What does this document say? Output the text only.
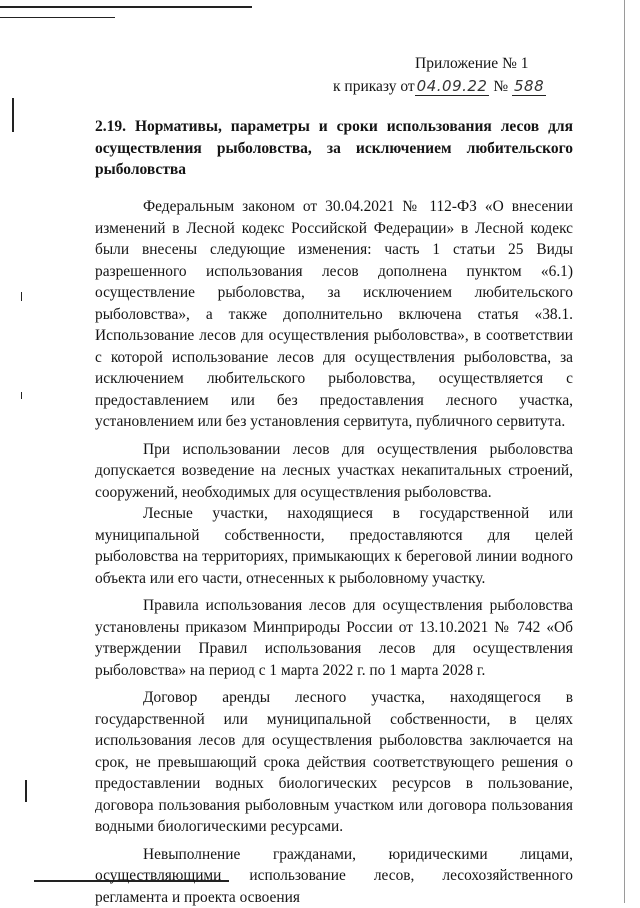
Приложение № 1
к приказу от 04.09.22 № 588
2.19. Нормативы, параметры и сроки использования лесов для осуществления рыболовства, за исключением любительского рыболовства

Федеральным законом от 30.04.2021 № 112-ФЗ «О внесении изменений в Лесной кодекс Российской Федерации» в Лесной кодекс были внесены следующие изменения: часть 1 статьи 25 Виды разрешенного использования лесов дополнена пунктом «6.1) осуществление рыболовства, за исключением любительского рыболовства», а также дополнительно включена статья «38.1. Использование лесов для осуществления рыболовства», в соответствии с которой использование лесов для осуществления рыболовства, за исключением любительского рыболовства, осуществляется с предоставлением или без предоставления лесного участка, установлением или без установления сервитута, публичного сервитута.

При использовании лесов для осуществления рыболовства допускается возведение на лесных участках некапитальных строений, сооружений, необходимых для осуществления рыболовства.

Лесные участки, находящиеся в государственной или муниципальной собственности, предоставляются для целей рыболовства на территориях, примыкающих к береговой линии водного объекта или его части, отнесенных к рыболовному участку.

Правила использования лесов для осуществления рыболовства установлены приказом Минприроды России от 13.10.2021 № 742 «Об утверждении Правил использования лесов для осуществления рыболовства» на период с 1 марта 2022 г. по 1 марта 2028 г.

Договор аренды лесного участка, находящегося в государственной или муниципальной собственности, в целях использования лесов для осуществления рыболовства заключается на срок, не превышающий срока действия соответствующего решения о предоставлении водных биологических ресурсов в пользование, договора пользования рыболовным участком или договора пользования водными биологическими ресурсами.

Невыполнение гражданами, юридическими лицами, осуществляющими использование лесов, лесохозяйственного регламента и проекта освоения
